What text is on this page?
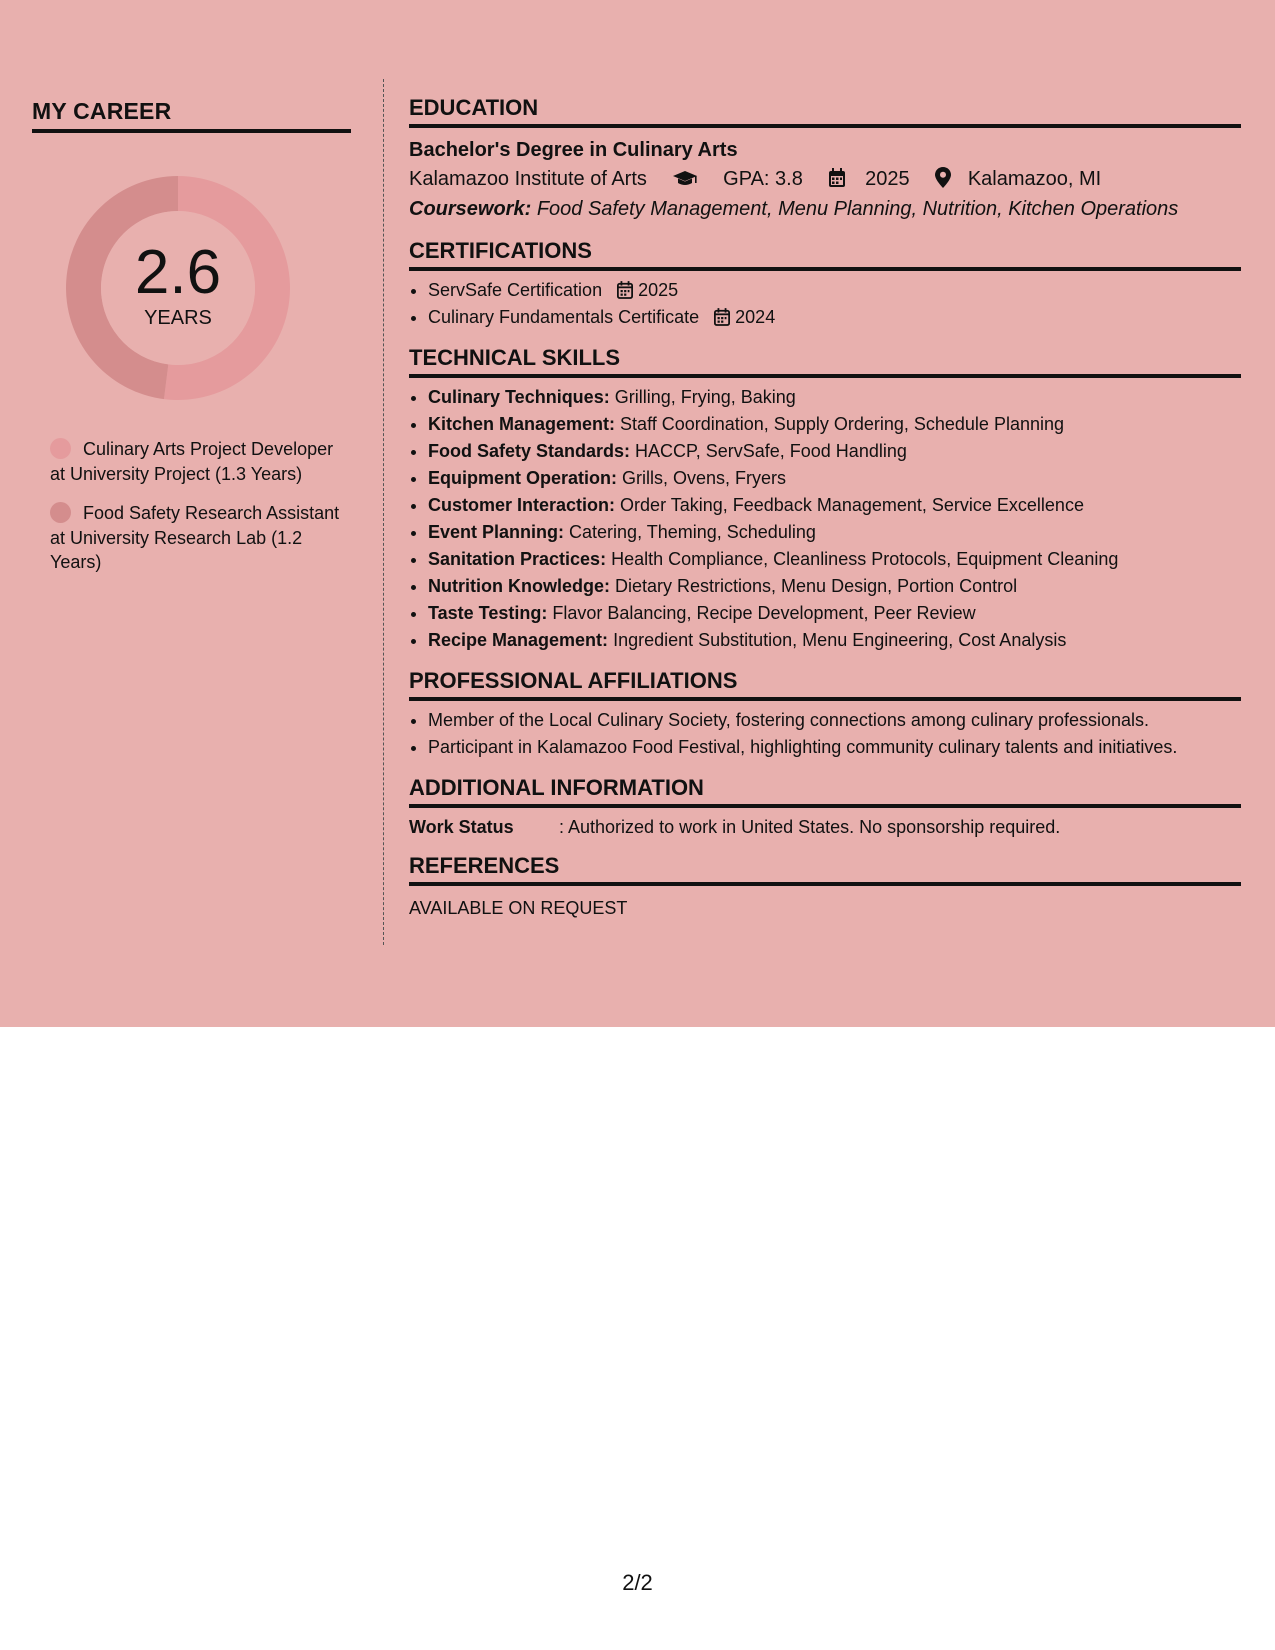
MY CAREER
2.6
YEARS
Culinary Arts Project Developer at University Project (1.3 Years)
Food Safety Research Assistant at University Research Lab (1.2 Years)
EDUCATION
Bachelor's Degree in Culinary Arts
Kalamazoo Institute of Arts	GPA: 3.8	2025	Kalamazoo, MI
Coursework: Food Safety Management, Menu Planning, Nutrition, Kitchen Operations
CERTIFICATIONS
• ServSafe Certification 2025
• Culinary Fundamentals Certificate 2024
TECHNICAL SKILLS
• Culinary Techniques: Grilling, Frying, Baking
• Kitchen Management: Staff Coordination, Supply Ordering, Schedule Planning
• Food Safety Standards: HACCP, ServSafe, Food Handling
• Equipment Operation: Grills, Ovens, Fryers
• Customer Interaction: Order Taking, Feedback Management, Service Excellence
• Event Planning: Catering, Theming, Scheduling
• Sanitation Practices: Health Compliance, Cleanliness Protocols, Equipment Cleaning
• Nutrition Knowledge: Dietary Restrictions, Menu Design, Portion Control
• Taste Testing: Flavor Balancing, Recipe Development, Peer Review
• Recipe Management: Ingredient Substitution, Menu Engineering, Cost Analysis
PROFESSIONAL AFFILIATIONS
• Member of the Local Culinary Society, fostering connections among culinary professionals.
• Participant in Kalamazoo Food Festival, highlighting community culinary talents and initiatives.
ADDITIONAL INFORMATION
Work Status	: Authorized to work in United States. No sponsorship required.
REFERENCES
AVAILABLE ON REQUEST
2/2
